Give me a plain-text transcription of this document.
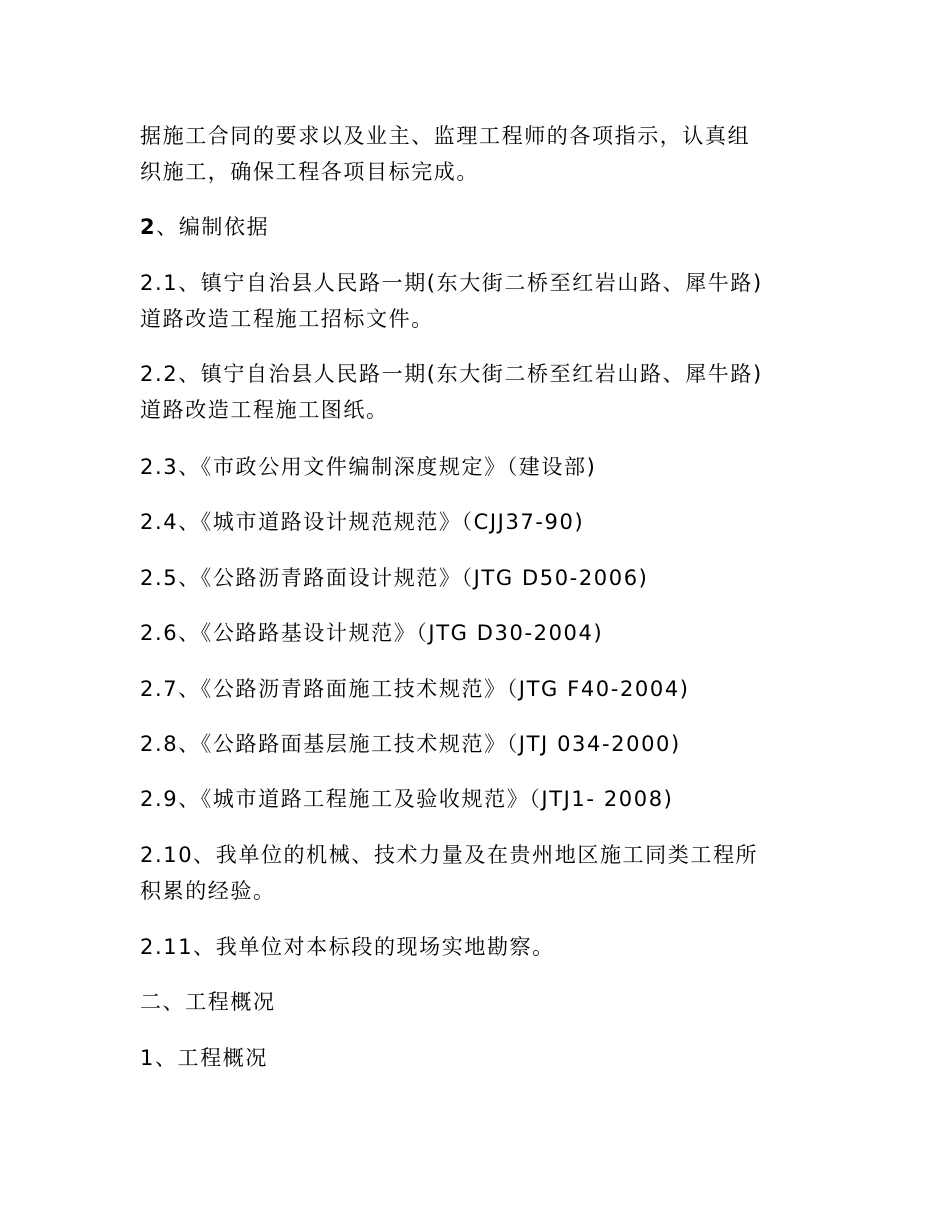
据施工合同的要求以及业主、监理工程师的各项指示，认真组
织施工，确保工程各项目标完成。

2、编制依据

2.1、镇宁自治县人民路一期(东大街二桥至红岩山路、犀牛路)
道路改造工程施工招标文件。

2.2、镇宁自治县人民路一期(东大街二桥至红岩山路、犀牛路)
道路改造工程施工图纸。

2.3、《市政公用文件编制深度规定》（建设部)

2.4、《城市道路设计规范规范》（CJJ37-90)

2.5、《公路沥青路面设计规范》（JTG D50-2006)

2.6、《公路路基设计规范》（JTG D30-2004)

2.7、《公路沥青路面施工技术规范》（JTG F40-2004)

2.8、《公路路面基层施工技术规范》（JTJ 034-2000)

2.9、《城市道路工程施工及验收规范》（JTJ1- 2008)

2.10、我单位的机械、技术力量及在贵州地区施工同类工程所
积累的经验。

2.11、我单位对本标段的现场实地勘察。

二、工程概况

1、工程概况
